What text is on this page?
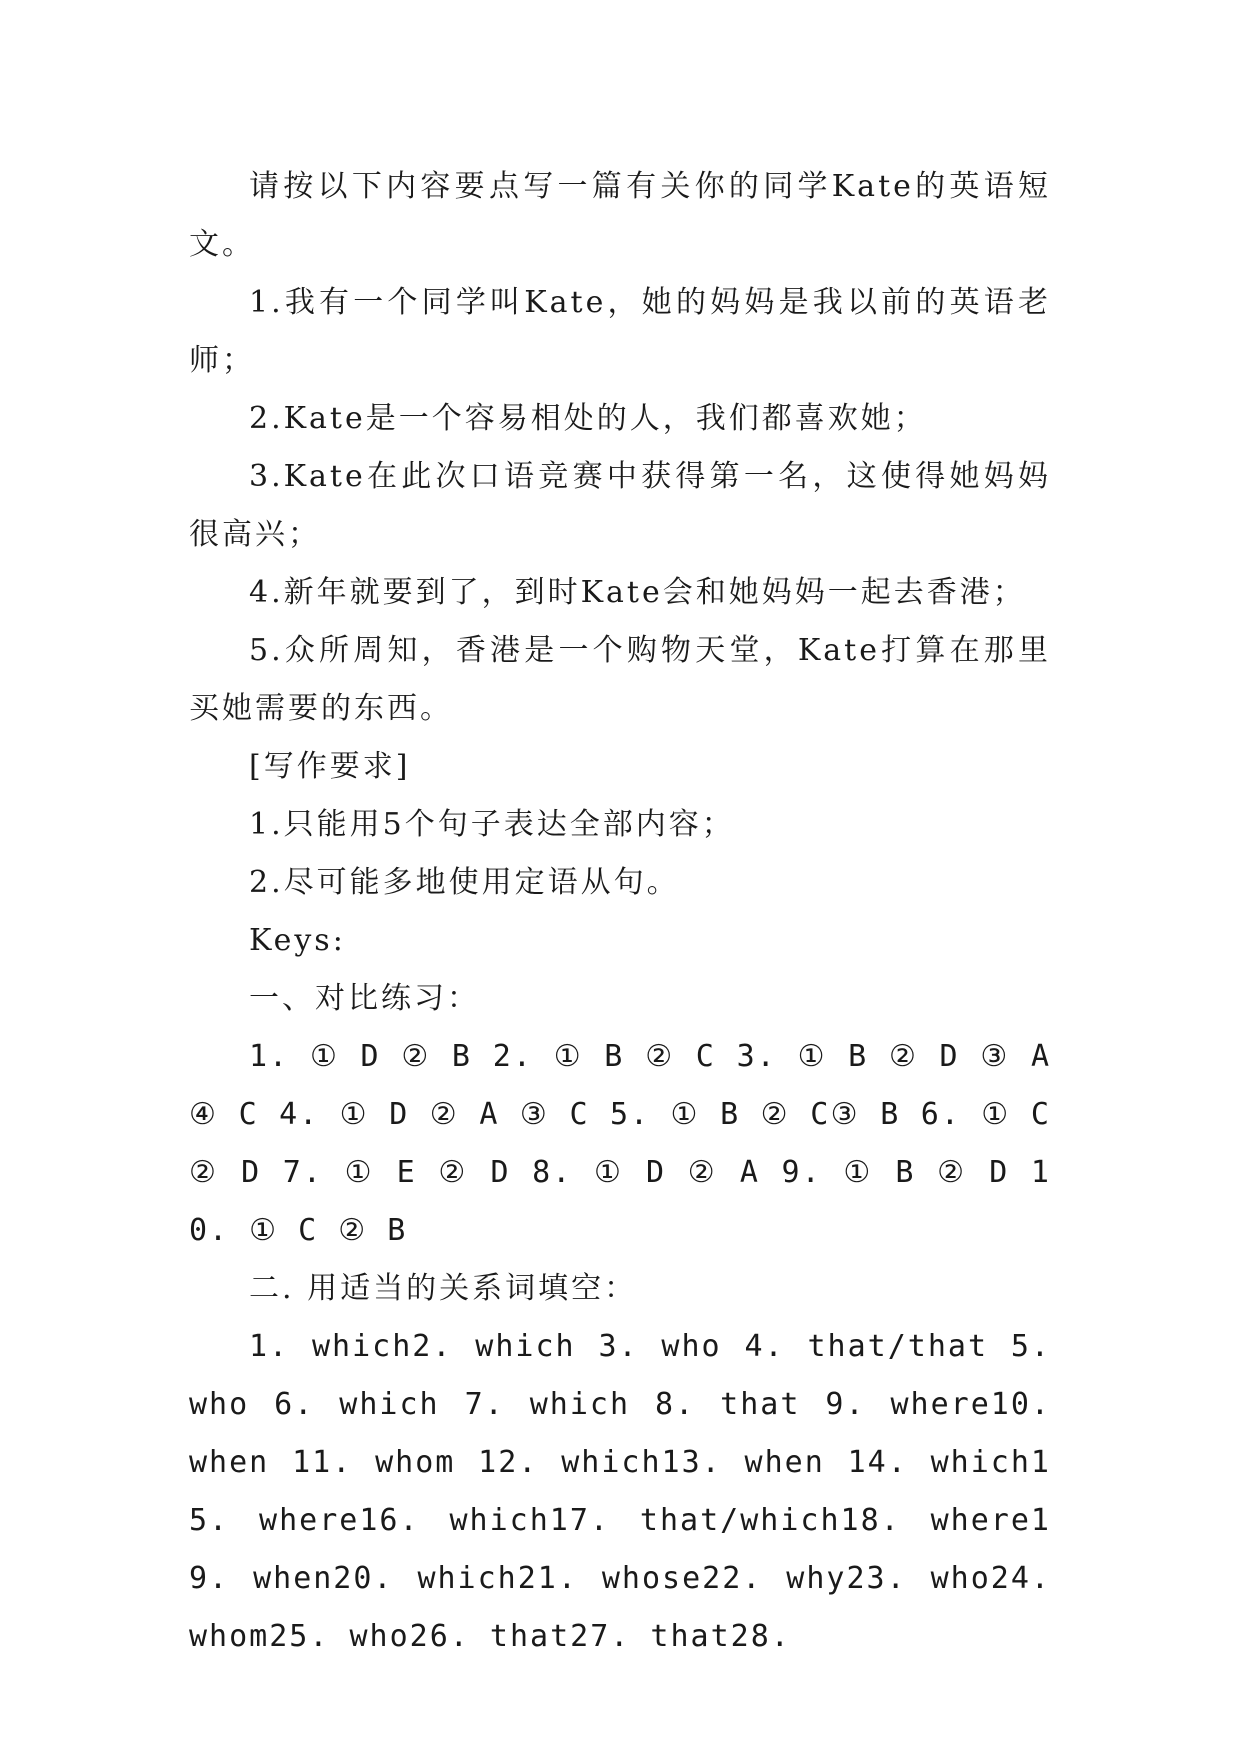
请按以下内容要点写一篇有关你的同学Kate的英语短文。

1.我有一个同学叫Kate，她的妈妈是我以前的英语老师；

2.Kate是一个容易相处的人，我们都喜欢她；

3.Kate在此次口语竞赛中获得第一名，这使得她妈妈很高兴；

4.新年就要到了，到时Kate会和她妈妈一起去香港；

5.众所周知，香港是一个购物天堂，Kate打算在那里买她需要的东西。

[写作要求]

1.只能用5个句子表达全部内容；

2.尽可能多地使用定语从句。

Keys:

一、对比练习：

1. ① D ② B 2. ① B ② C 3. ① B ② D ③ A ④ C 4. ① D ② A ③ C 5. ① B ② C③ B 6. ① C ② D 7. ① E ② D 8. ① D ② A 9. ① B ② D 10. ① C ② B

二. 用适当的关系词填空：

1. which2. which 3. who 4. that/that 5. who 6. which 7. which 8. that 9. where10. when 11. whom 12. which13. when 14. which15. where16. which17. that/which18. where19. when20. which21. whose22. why23. who24. whom25. who26. that27. that28.
